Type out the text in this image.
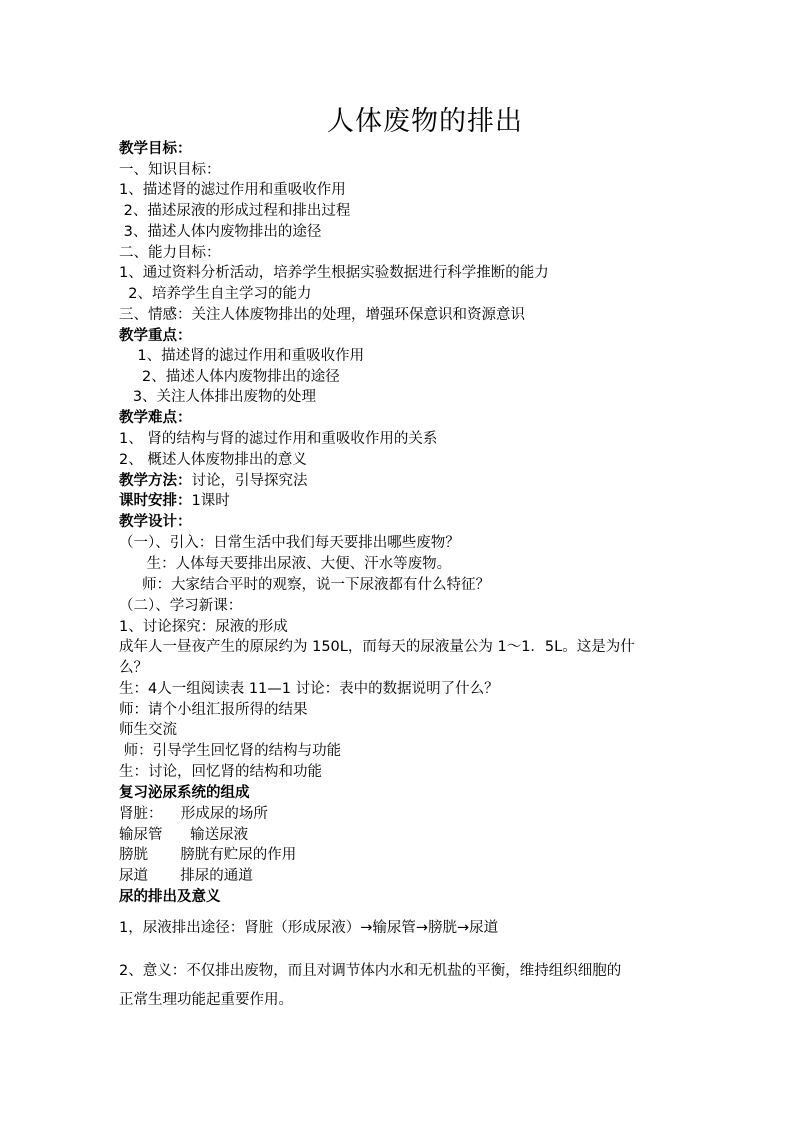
人体废物的排出
教学目标：
一、知识目标：
1、描述肾的滤过作用和重吸收作用
2、描述尿液的形成过程和排出过程
3、描述人体内废物排出的途径
二、能力目标：
1、通过资料分析活动，培养学生根据实验数据进行科学推断的能力
2、培养学生自主学习的能力
三、情感：关注人体废物排出的处理，增强环保意识和资源意识
教学重点：
1、描述肾的滤过作用和重吸收作用
2、描述人体内废物排出的途径
3、关注人体排出废物的处理
教学难点：
1、 肾的结构与肾的滤过作用和重吸收作用的关系
2、 概述人体废物排出的意义
教学方法：讨论，引导探究法
课时安排：1课时
教学设计：
（一）、引入：日常生活中我们每天要排出哪些废物？
生：人体每天要排出尿液、大便、汗水等废物。
师：大家结合平时的观察，说一下尿液都有什么特征？
（二）、学习新课：
1、讨论探究：尿液的形成
成年人一昼夜产生的原尿约为 150L，而每天的尿液量公为 1～1．5L。这是为什
么？
生：4人一组阅读表 11—1 讨论：表中的数据说明了什么？
师：请个小组汇报所得的结果
师生交流
师：引导学生回忆肾的结构与功能
生：讨论，回忆肾的结构和功能
复习泌尿系统的组成
肾脏：    形成尿的场所
输尿管      输送尿液
膀胱       膀胱有贮尿的作用
尿道       排尿的通道
尿的排出及意义
1，尿液排出途径：肾脏（形成尿液）→输尿管→膀胱→尿道
2、意义：不仅排出废物，而且对调节体内水和无机盐的平衡，维持组织细胞的
正常生理功能起重要作用。
